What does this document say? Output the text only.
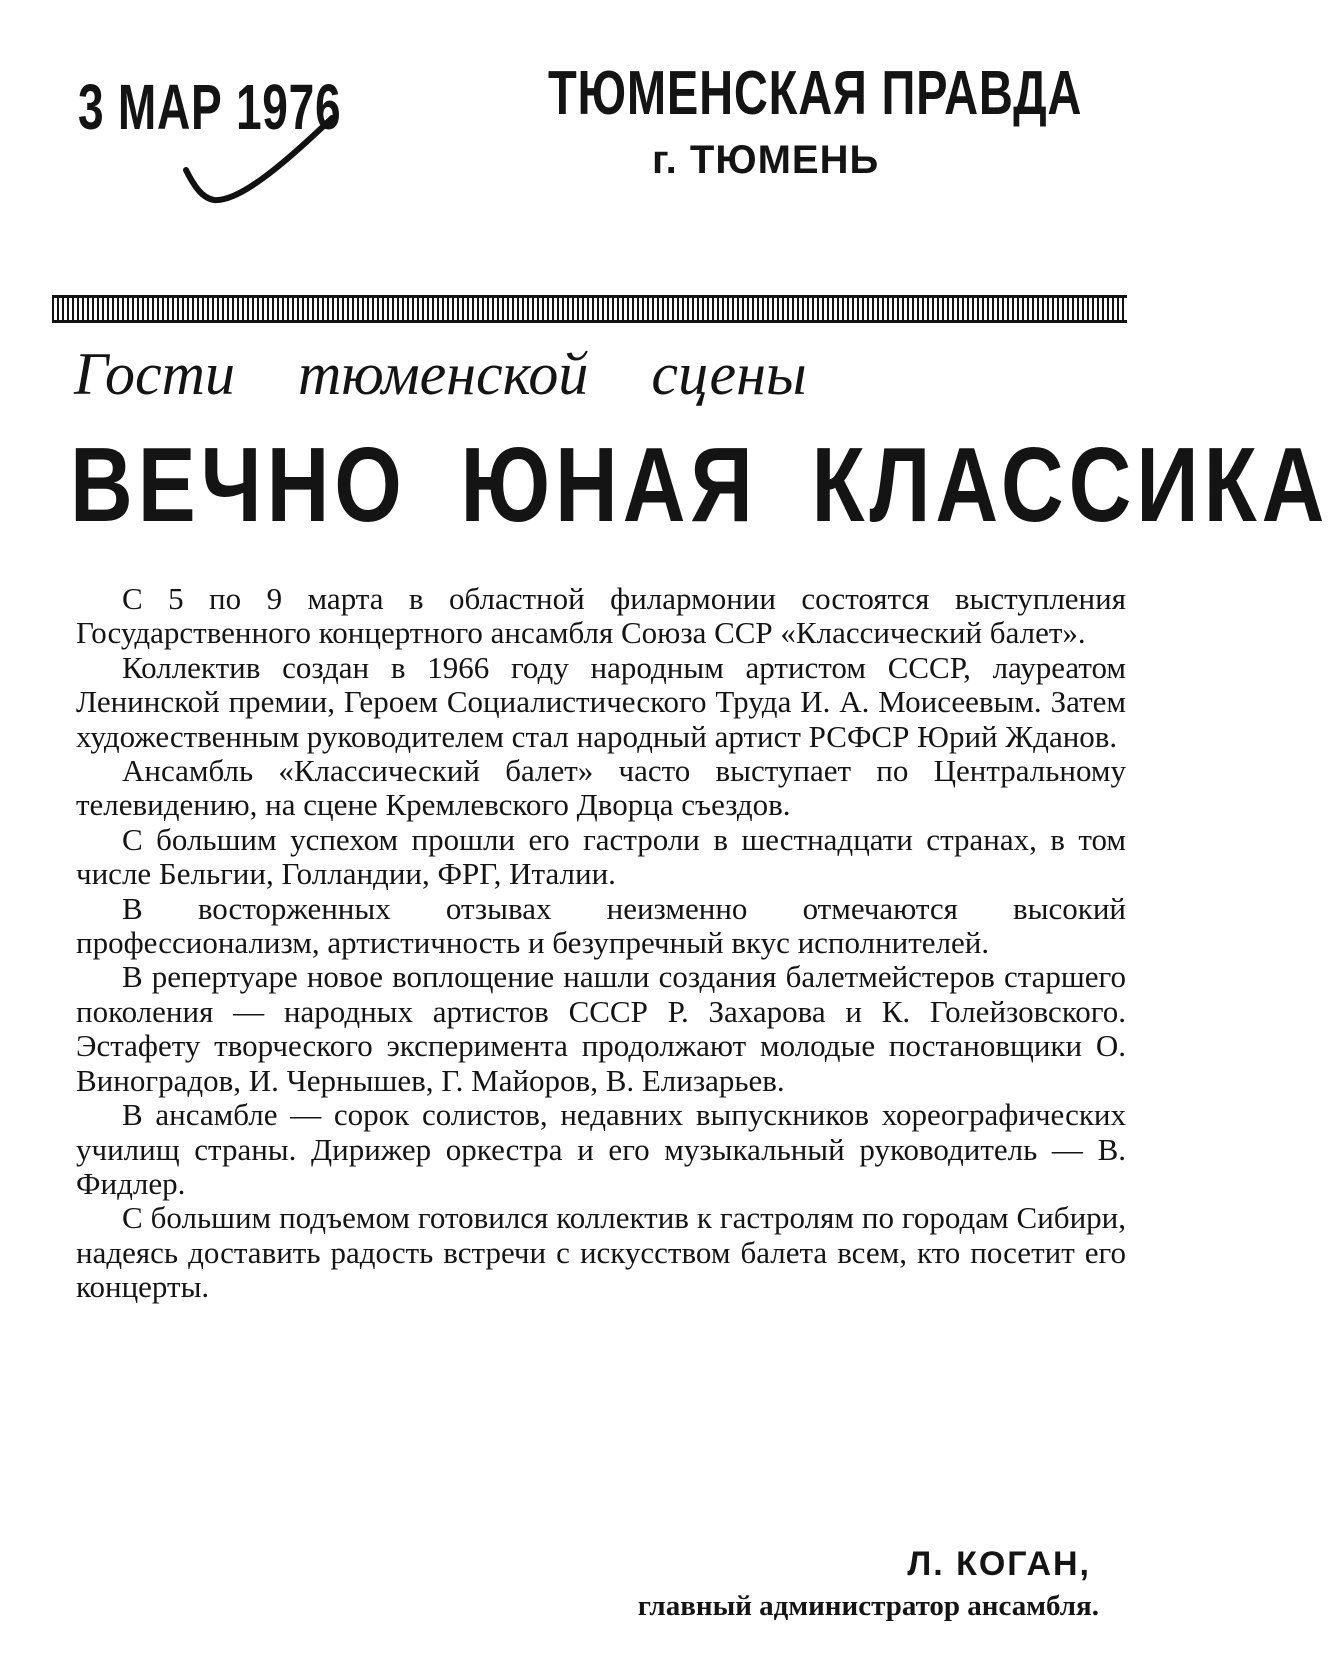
3 МАР 1976	ТЮМЕНСКАЯ ПРАВДА
г. ТЮМЕНЬ
Гости тюменской сцены
ВЕЧНО ЮНАЯ КЛАССИКА

С 5 по 9 марта в областной филармонии состоятся выступления Государственного концертного ансамбля Союза ССР «Классический балет».

Коллектив создан в 1966 году народным артистом СССР, лауреатом Ленинской премии, Героем Социалистического Труда И. А. Моисеевым. Затем художественным руководителем стал народный артист РСФСР Юрий Жданов.

Ансамбль «Классический балет» часто выступает по Центральному телевидению, на сцене Кремлевского Дворца съездов.

С большим успехом прошли его гастроли в шестнадцати странах, в том числе Бельгии, Голландии, ФРГ, Италии.

В восторженных отзывах неизменно отмечаются высокий профессионализм, артистичность и безупречный вкус исполнителей.

В репертуаре новое воплощение нашли создания балетмейстеров старшего поколения — народных артистов СССР Р. Захарова и К. Голейзовского. Эстафету творческого эксперимента продолжают молодые постановщики О. Виноградов, И. Чернышев, Г. Майоров, В. Елизарьев.

В ансамбле — сорок солистов, недавних выпускников хореографических училищ страны. Дирижер оркестра и его музыкальный руководитель — В. Фидлер.

С большим подъемом готовился коллектив к гастролям по городам Сибири, надеясь доставить радость встречи с искусством балета всем, кто посетит его концерты.

Л. КОГАН,
главный администратор ансамбля.
